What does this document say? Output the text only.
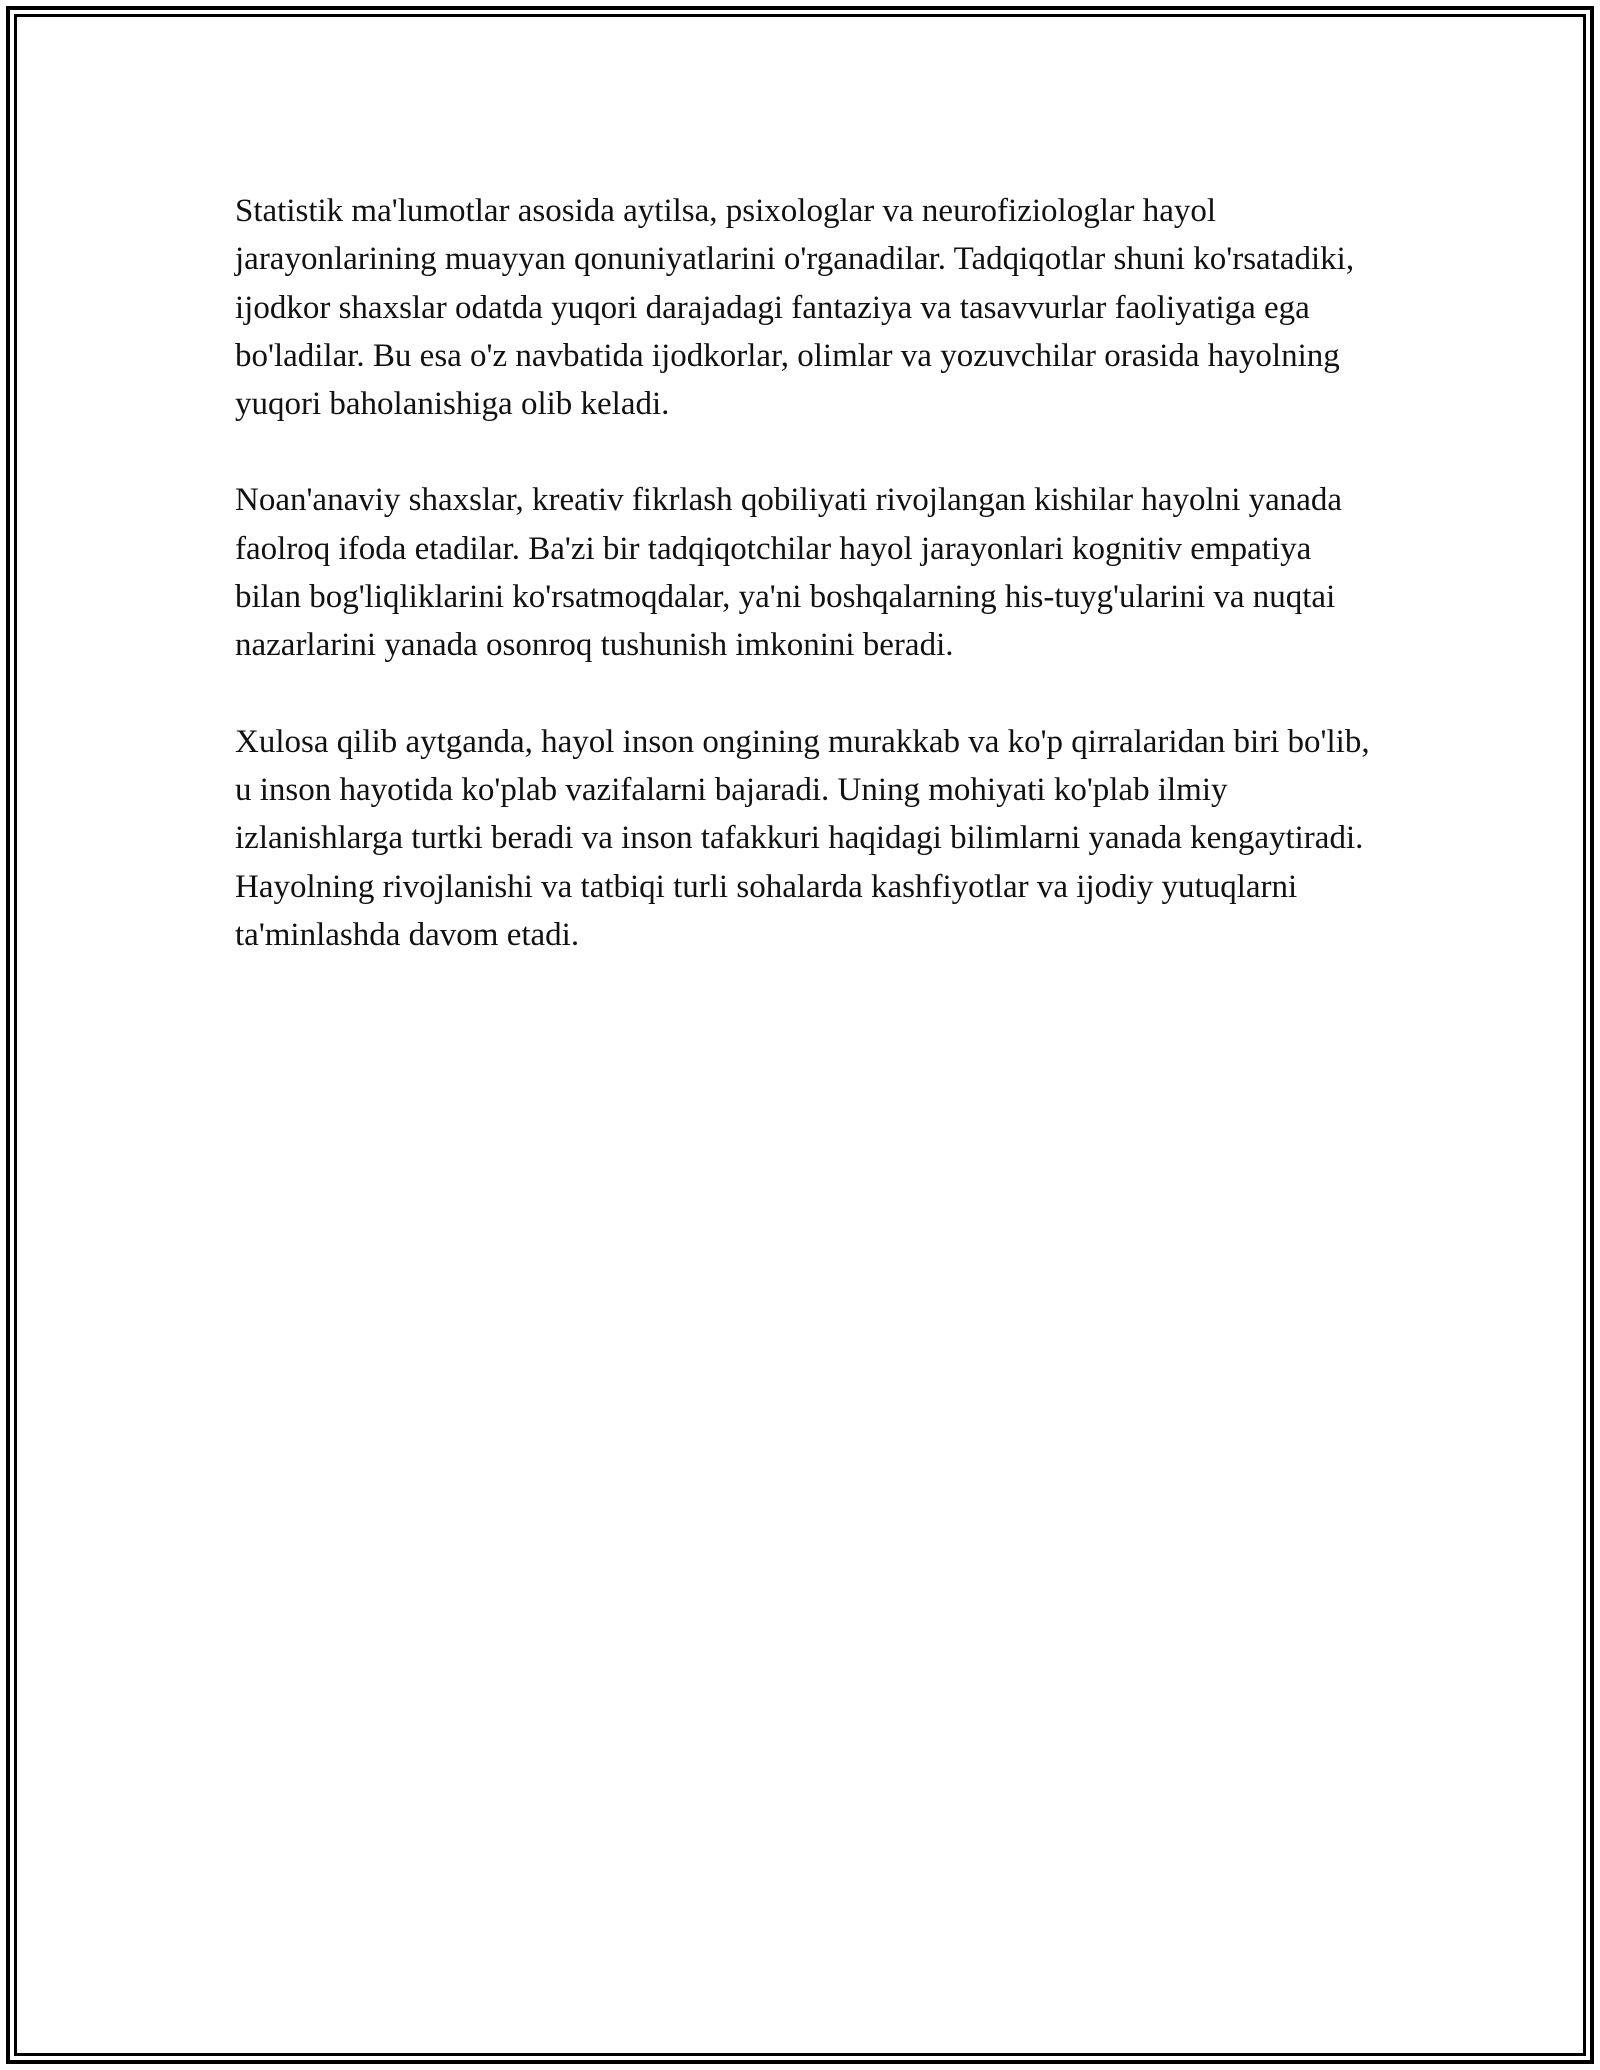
Statistik ma'lumotlar asosida aytilsa, psixologlar va neurofiziologlar hayol jarayonlarining muayyan qonuniyatlarini o'rganadilar. Tadqiqotlar shuni ko'rsatadiki, ijodkor shaxslar odatda yuqori darajadagi fantaziya va tasavvurlar faoliyatiga ega bo'ladilar. Bu esa o'z navbatida ijodkorlar, olimlar va yozuvchilar orasida hayolning yuqori baholanishiga olib keladi.

Noan'anaviy shaxslar, kreativ fikrlash qobiliyati rivojlangan kishilar hayolni yanada faolroq ifoda etadilar. Ba'zi bir tadqiqotchilar hayol jarayonlari kognitiv empatiya bilan bog'liqliklarini ko'rsatmoqdalar, ya'ni boshqalarning his-tuyg'ularini va nuqtai nazarlarini yanada osonroq tushunish imkonini beradi.

Xulosa qilib aytganda, hayol inson ongining murakkab va ko'p qirralaridan biri bo'lib, u inson hayotida ko'plab vazifalarni bajaradi. Uning mohiyati ko'plab ilmiy izlanishlarga turtki beradi va inson tafakkuri haqidagi bilimlarni yanada kengaytiradi. Hayolning rivojlanishi va tatbiqi turli sohalarda kashfiyotlar va ijodiy yutuqlarni ta'minlashda davom etadi.
